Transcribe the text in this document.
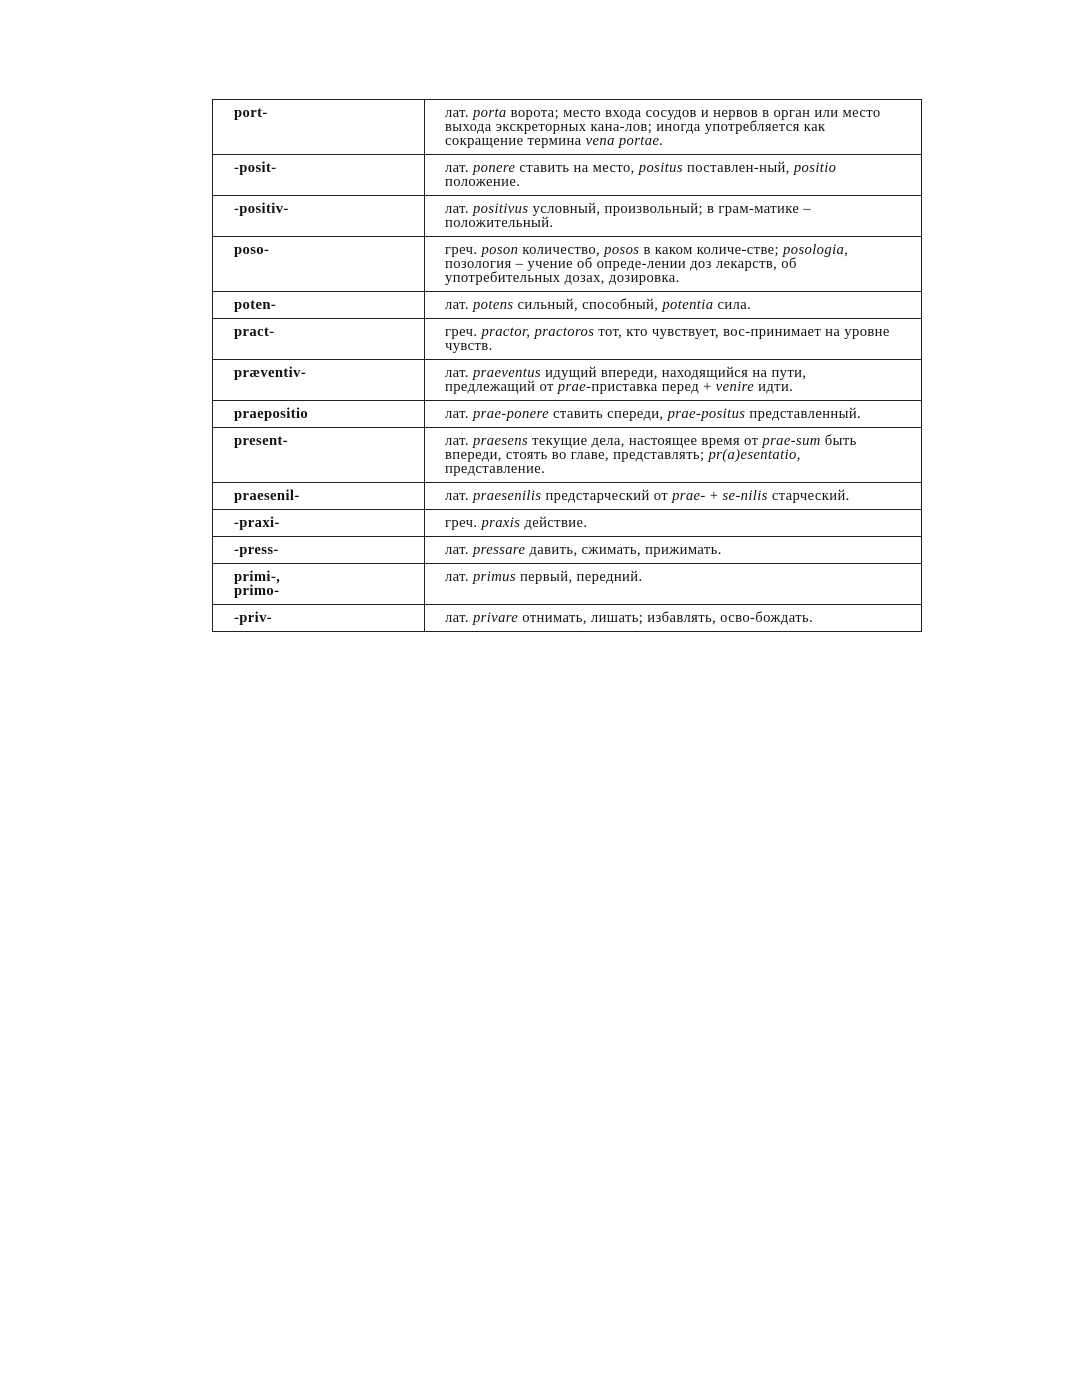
port-	лат. porta ворота; место входа сосудов и нервов в орган или место выхода экскреторных кана-лов; иногда употребляется как сокращение термина vena portae.
-posit-	лат. ponere ставить на место, positus поставлен-ный, positio положение.
-positiv-	лат. positivus условный, произвольный; в грам-матике – положительный.
poso-	греч. poson количество, posos в каком количе-стве; posologia, позология – учение об опреде-лении доз лекарств, об употребительных дозах, дозировка.
poten-	лат. potens сильный, способный, potentia сила.
pract-	греч. practor, practoros тот, кто чувствует, вос-принимает на уровне чувств.
præventiv-	лат. praeventus идущий впереди, находящийся на пути, предлежащий от prae-приставка перед + venire идти.
praepositio	лат. prae-ponere ставить спереди, prae-positus представленный.
present-	лат. praesens текущие дела, настоящее время от prae-sum быть впереди, стоять во главе, представлять; pr(a)esentatio, представление.
praesenil-	лат. praesenilis предстарческий от prae- + se-nilis старческий.
-praxi-	греч. praxis действие.
-press-	лат. pressare давить, сжимать, прижимать.
primi-,
primo-	лат. primus первый, передний.
-priv-	лат. privare отнимать, лишать; избавлять, осво-бождать.
